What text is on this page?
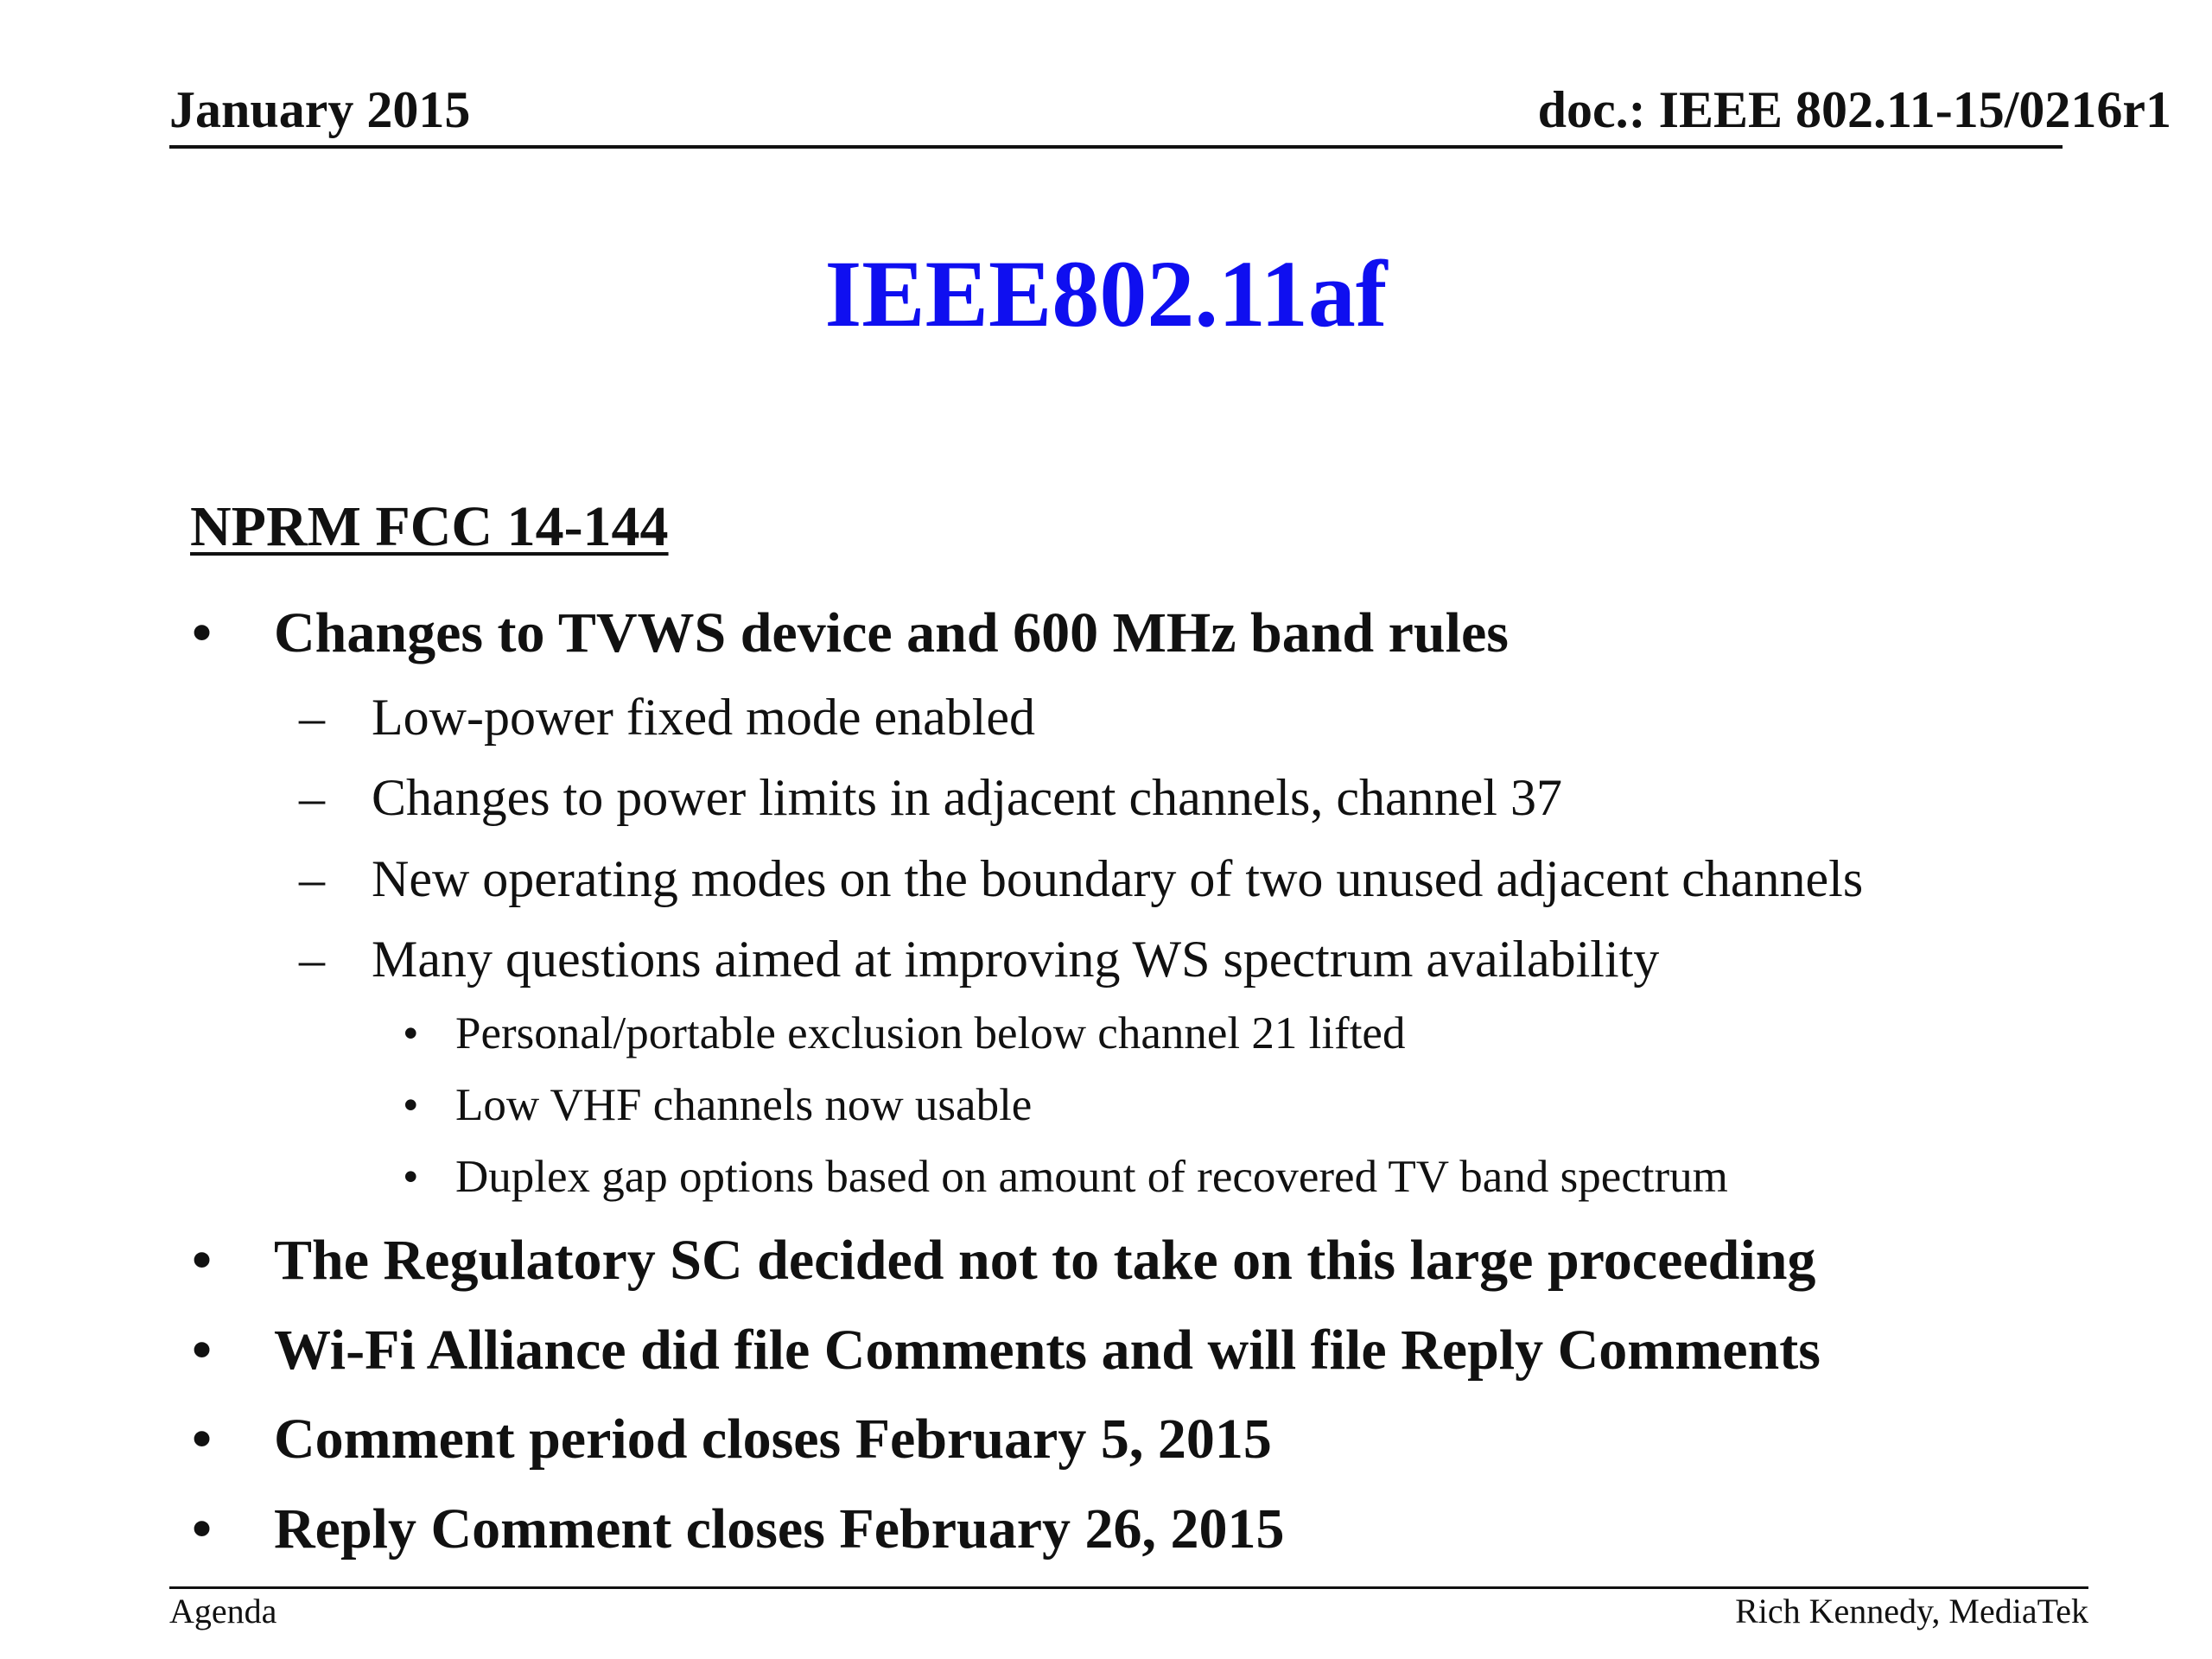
January 2015	doc.: IEEE 802.11-15/0216r1
IEEE802.11af
NPRM FCC 14-144
• Changes to TVWS device and 600 MHz band rules
– Low-power fixed mode enabled
– Changes to power limits in adjacent channels, channel 37
– New operating modes on the boundary of two unused adjacent channels
– Many questions aimed at improving WS spectrum availability
• Personal/portable exclusion below channel 21 lifted
• Low VHF channels now usable
• Duplex gap options based on amount of recovered TV band spectrum
• The Regulatory SC decided not to take on this large proceeding
• Wi-Fi Alliance did file Comments and will file Reply Comments
• Comment period closes February 5, 2015
• Reply Comment closes February 26, 2015
Agenda	Rich Kennedy, MediaTek
